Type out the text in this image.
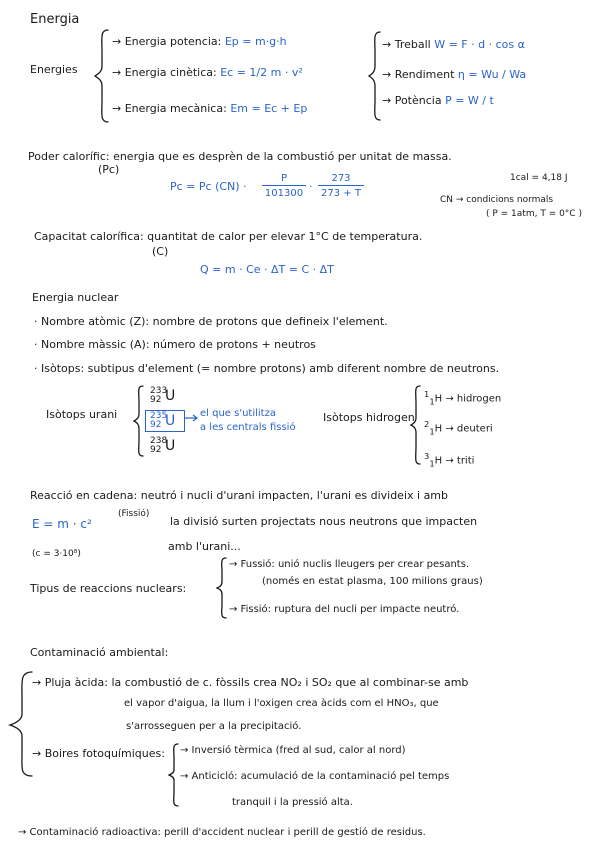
Energia
Energies
→ Energia potencia: Ep = m·g·h
→ Energia cinètica: Ec = 1/2 m · v²
→ Energia mecànica: Em = Ec + Ep
→ Treball W = F · d · cos α
→ Rendiment η = Wu / Wa
→ Potència P = W / t
Poder calorífic: energia que es desprèn de la combustió per unitat de massa.
(Pc)
Pc = Pc (CN) ·
P
101300
·
273
273 + T
1cal = 4,18 J
CN → condicions normals
( P = 1atm, T = 0°C )
Capacitat calorífica: quantitat de calor per elevar 1°C de temperatura.
(C)
Q = m · Ce · ΔT = C · ΔT
Energia nuclear
· Nombre atòmic (Z): nombre de protons que defineix l'element.
· Nombre màssic (A): número de protons + neutros
· Isòtops: subtipus d'element (= nombre protons) amb diferent nombre de neutrons.
Isòtops urani
233
92 U
235
92 U
238
92 U
el que s'utilitza
a les centrals fissió
Isòtops hidrogen
$^1_1$H → hidrogen
$^2_1$H → deuteri
$^3_1$H → triti
Reacció en cadena: neutró i nucli d'urani impacten, l'urani es divideix i amb
E = m · c²
(Fissió)
(c = 3·10⁸)
la divisió surten projectats nous neutrons que impacten
amb l'urani...
Tipus de reaccions nuclears:
→ Fussió: unió nuclis lleugers per crear pesants.
(només en estat plasma, 100 milions graus)
→ Fissió: ruptura del nucli per impacte neutró.
Contaminació ambiental:
→ Pluja àcida: la combustió de c. fòssils crea NO₂ i SO₂ que al combinar-se amb
el vapor d'aigua, la llum i l'oxigen crea àcids com el HNO₃, que
s'arrosseguen per a la precipitació.
→ Boires fotoquímiques: → Inversió tèrmica (fred al sud, calor al nord)
→ Anticicló: acumulació de la contaminació pel temps
tranquil i la pressió alta.
→ Contaminació radioactiva: perill d'accident nuclear i perill de gestió de residus.
